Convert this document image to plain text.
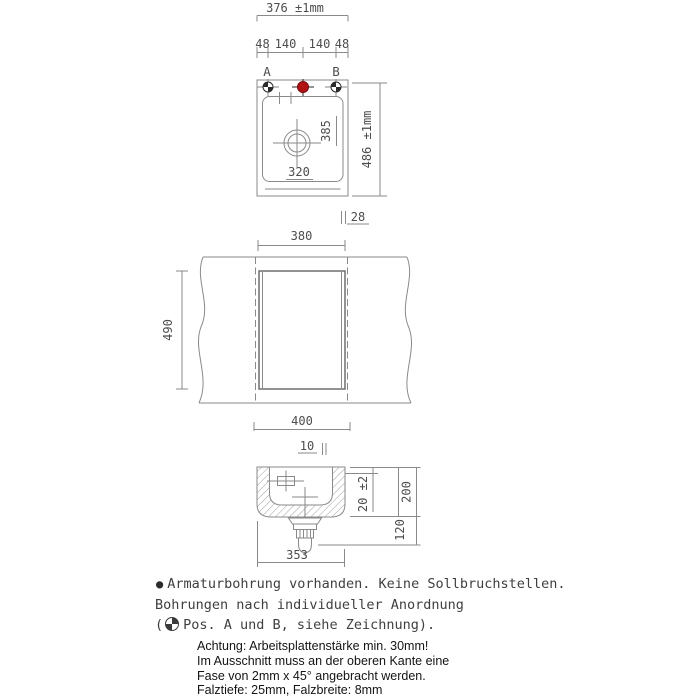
376 ±1mm
48 140 140 48
A	B
385
320
486 ±1mm
28
380
490
400
10
20 ±2 200
120
353
● Armaturbohrung vorhanden. Keine Sollbruchstellen.
Bohrungen nach individueller Anordnung
( Pos. A und B, siehe Zeichnung).
Achtung: Arbeitsplattenstärke min. 30mm!
Im Ausschnitt muss an der oberen Kante eine
Fase von 2mm x 45° angebracht werden.
Falztiefe: 25mm, Falzbreite: 8mm
